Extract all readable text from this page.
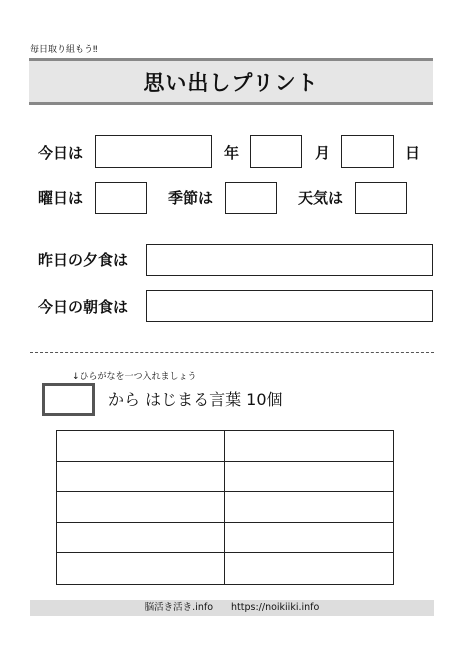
毎日取り組もう‼
思い出しプリント
今日は	年	月	日
曜日は	季節は	天気は
昨日の夕食は
今日の朝食は
↓ひらがなを一つ入れましょう
から はじまる言葉 10個
脳活き活き.info https://noikiiki.info
